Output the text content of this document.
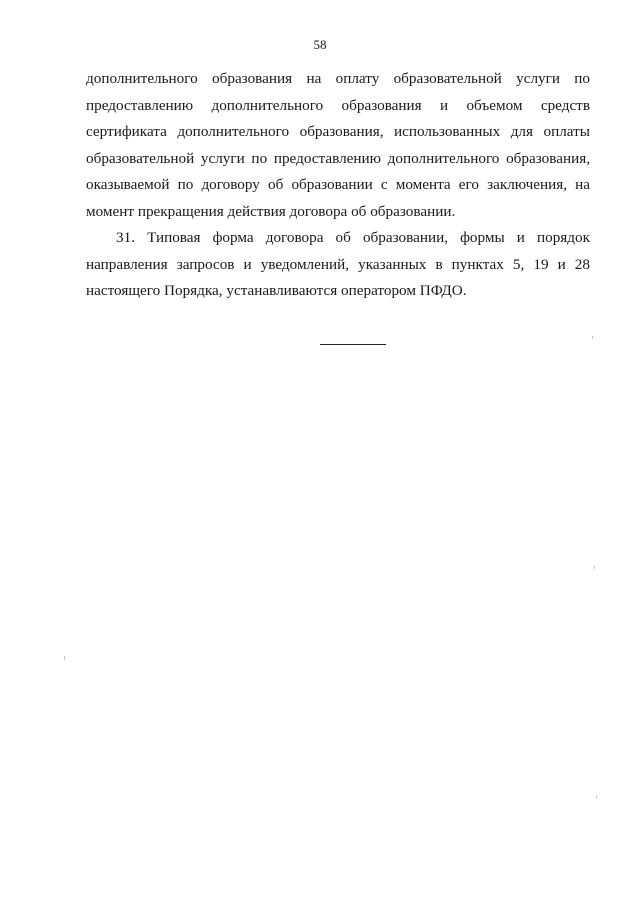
58
дополнительного образования на оплату образовательной услуги по
предоставлению дополнительного образования и объемом средств
сертификата дополнительного образования, использованных для оплаты
образовательной услуги по предоставлению дополнительного образования,
оказываемой по договору об образовании с момента его заключения, на
момент прекращения действия договора об образовании.
31. Типовая форма договора об образовании, формы и порядок
направления запросов и уведомлений, указанных в пунктах 5, 19 и 28
настоящего Порядка, устанавливаются оператором ПФДО.
